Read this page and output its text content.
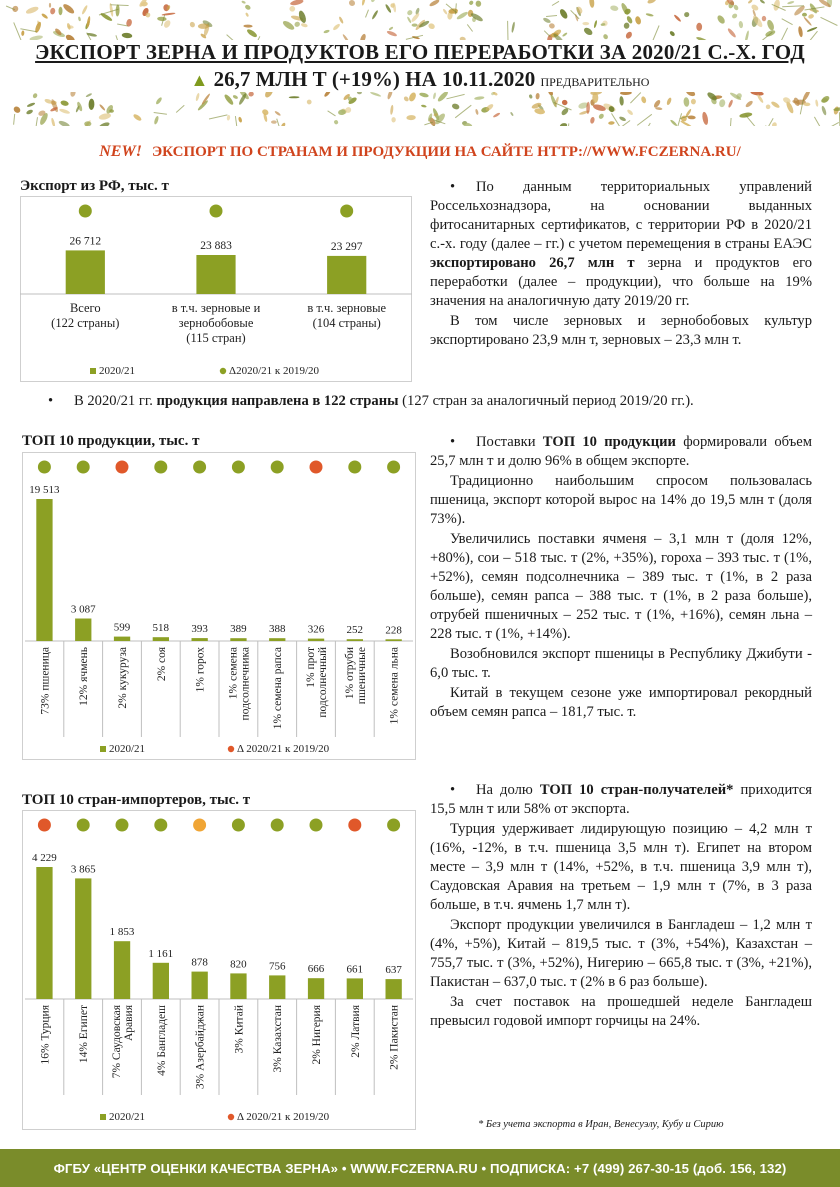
ЭКСПОРТ ЗЕРНА И ПРОДУКТОВ ЕГО ПЕРЕРАБОТКИ ЗА 2020/21 С.-Х. ГОД
▲ 26,7 МЛН Т (+19%) НА 10.11.2020 ПРЕДВАРИТЕЛЬНО
NEW! ЭКСПОРТ ПО СТРАНАМ И ПРОДУКЦИИ НА САЙТЕ HTTP://WWW.FCZERNA.RU/
Экспорт из РФ, тыс. т
26 712
Всего
(122 страны)
23 883
в т.ч. зерновые и
зернобобовые
(115 стран)
23 297
в т.ч. зерновые
(104 страны)
2020/21	Δ2020/21 к 2019/20
ТОП 10 продукции, тыс. т
19 513
73% пшеница
3 087
12% ячмень
599
2% кукуруза
518
2% соя
393
1% горох
389
1% семена подсолнечника
388
1% семена рапса
326
1% прот подсолнечный
252
1% отруби пшеничные
228
1% семена льна
2020/21	Δ 2020/21 к 2019/20
ТОП 10 стран-импортеров, тыс. т
4 229
16% Турция
3 865
14% Египет
1 853
7% Саудовская Аравия
1 161
4% Бангладеш
878
3% Азербайджан
820
3% Китай
756
3% Казахстан
666
2% Нигерия
661
2% Латвия
637
2% Пакистан
2020/21	Δ 2020/21 к 2019/20

• По данным территориальных управлений Россельхознадзора, на основании выданных фитосанитарных сертификатов, с территории РФ в 2020/21 с.-х. году (далее – гг.) с учетом перемещения в страны ЕАЭС экспортировано 26,7 млн т зерна и продуктов его переработки (далее – продукции), что больше на 19% значения на аналогичную дату 2019/20 гг.

В том числе зерновых и зернобобовых культур экспортировано 23,9 млн т, зерновых – 23,3 млн т.

• В 2020/21 гг. продукция направлена в 122 страны (127 стран за аналогичный период 2019/20 гг.).

• Поставки ТОП 10 продукции формировали объем 25,7 млн т и долю 96% в общем экспорте.

Традиционно наибольшим спросом пользовалась пшеница, экспорт которой вырос на 14% до 19,5 млн т (доля 73%).

Увеличились поставки ячменя – 3,1 млн т (доля 12%, +80%), сои – 518 тыс. т (2%, +35%), гороха – 393 тыс. т (1%, +52%), семян подсолнечника – 389 тыс. т (1%, в 2 раза больше), семян рапса – 388 тыс. т (1%, в 2 раза больше), отрубей пшеничных – 252 тыс. т (1%, +16%), семян льна – 228 тыс. т (1%, +14%).

Возобновился экспорт пшеницы в Республику Джибути - 6,0 тыс. т.

Китай в текущем сезоне уже импортировал рекордный объем семян рапса – 181,7 тыс. т.

• На долю ТОП 10 стран-получателей* приходится 15,5 млн т или 58% от экспорта.

Турция удерживает лидирующую позицию – 4,2 млн т (16%, -12%, в т.ч. пшеница 3,5 млн т). Египет на втором месте – 3,9 млн т (14%, +52%, в т.ч. пшеница 3,9 млн т), Саудовская Аравия на третьем – 1,9 млн т (7%, в 3 раза больше, в т.ч. ячмень 1,7 млн т).

Экспорт продукции увеличился в Бангладеш – 1,2 млн т (4%, +5%), Китай – 819,5 тыс. т (3%, +54%), Казахстан – 755,7 тыс. т (3%, +52%), Нигерию – 665,8 тыс. т (3%, +21%), Пакистан – 637,0 тыс. т (2% в 6 раз больше).

За счет поставок на прошедшей неделе Бангладеш превысил годовой импорт горчицы на 24%.

* Без учета экспорта в Иран, Венесуэлу, Кубу и Сирию
ФГБУ «ЦЕНТР ОЦЕНКИ КАЧЕСТВА ЗЕРНА» • WWW.FCZERNA.RU • ПОДПИСКА: +7 (499) 267-30-15 (доб. 156, 132)
